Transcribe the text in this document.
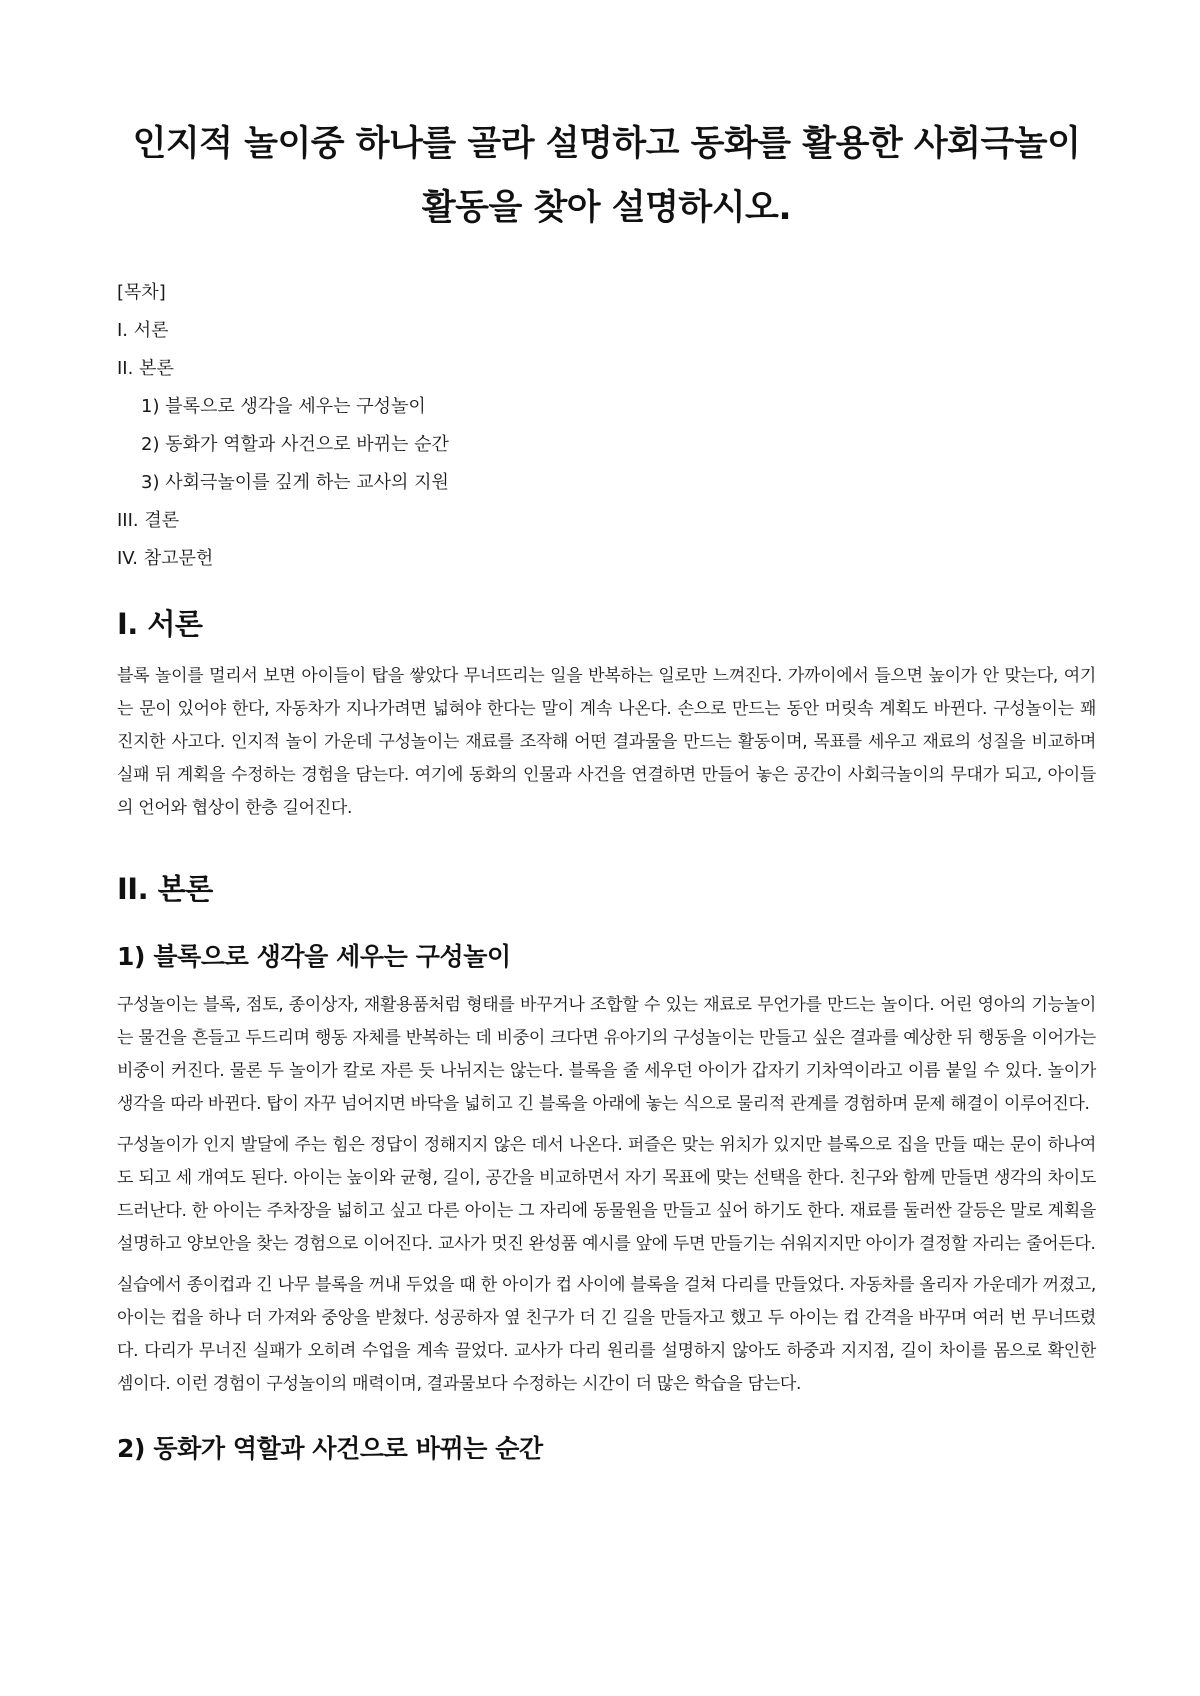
인지적 놀이중 하나를 골라 설명하고 동화를 활용한 사회극놀이 활동을 찾아 설명하시오.
[목차]
I. 서론
II. 본론
1) 블록으로 생각을 세우는 구성놀이
2) 동화가 역할과 사건으로 바뀌는 순간
3) 사회극놀이를 깊게 하는 교사의 지원
III. 결론
IV. 참고문헌
I. 서론

블록 놀이를 멀리서 보면 아이들이 탑을 쌓았다 무너뜨리는 일을 반복하는 일로만 느껴진다. 가까이에서 들으면 높이가 안 맞는다, 여기는 문이 있어야 한다, 자동차가 지나가려면 넓혀야 한다는 말이 계속 나온다. 손으로 만드는 동안 머릿속 계획도 바뀐다. 구성놀이는 꽤 진지한 사고다. 인지적 놀이 가운데 구성놀이는 재료를 조작해 어떤 결과물을 만드는 활동이며, 목표를 세우고 재료의 성질을 비교하며 실패 뒤 계획을 수정하는 경험을 담는다. 여기에 동화의 인물과 사건을 연결하면 만들어 놓은 공간이 사회극놀이의 무대가 되고, 아이들의 언어와 협상이 한층 길어진다.

II. 본론
1) 블록으로 생각을 세우는 구성놀이

구성놀이는 블록, 점토, 종이상자, 재활용품처럼 형태를 바꾸거나 조합할 수 있는 재료로 무언가를 만드는 놀이다. 어린 영아의 기능놀이는 물건을 흔들고 두드리며 행동 자체를 반복하는 데 비중이 크다면 유아기의 구성놀이는 만들고 싶은 결과를 예상한 뒤 행동을 이어가는 비중이 커진다. 물론 두 놀이가 칼로 자른 듯 나뉘지는 않는다. 블록을 줄 세우던 아이가 갑자기 기차역이라고 이름 붙일 수 있다. 놀이가 생각을 따라 바뀐다. 탑이 자꾸 넘어지면 바닥을 넓히고 긴 블록을 아래에 놓는 식으로 물리적 관계를 경험하며 문제 해결이 이루어진다.

구성놀이가 인지 발달에 주는 힘은 정답이 정해지지 않은 데서 나온다. 퍼즐은 맞는 위치가 있지만 블록으로 집을 만들 때는 문이 하나여도 되고 세 개여도 된다. 아이는 높이와 균형, 길이, 공간을 비교하면서 자기 목표에 맞는 선택을 한다. 친구와 함께 만들면 생각의 차이도 드러난다. 한 아이는 주차장을 넓히고 싶고 다른 아이는 그 자리에 동물원을 만들고 싶어 하기도 한다. 재료를 둘러싼 갈등은 말로 계획을 설명하고 양보안을 찾는 경험으로 이어진다. 교사가 멋진 완성품 예시를 앞에 두면 만들기는 쉬워지지만 아이가 결정할 자리는 줄어든다.

실습에서 종이컵과 긴 나무 블록을 꺼내 두었을 때 한 아이가 컵 사이에 블록을 걸쳐 다리를 만들었다. 자동차를 올리자 가운데가 꺼졌고, 아이는 컵을 하나 더 가져와 중앙을 받쳤다. 성공하자 옆 친구가 더 긴 길을 만들자고 했고 두 아이는 컵 간격을 바꾸며 여러 번 무너뜨렸다. 다리가 무너진 실패가 오히려 수업을 계속 끌었다. 교사가 다리 원리를 설명하지 않아도 하중과 지지점, 길이 차이를 몸으로 확인한 셈이다. 이런 경험이 구성놀이의 매력이며, 결과물보다 수정하는 시간이 더 많은 학습을 담는다.

2) 동화가 역할과 사건으로 바뀌는 순간
